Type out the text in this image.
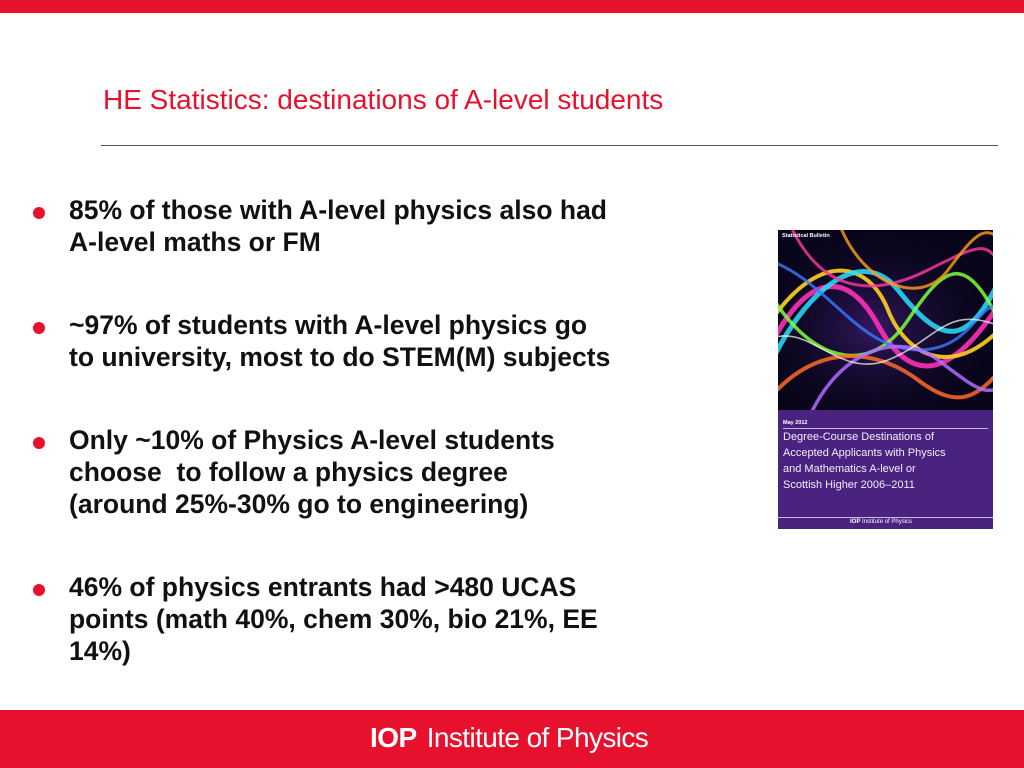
HE Statistics: destinations of A-level students
85% of those with A-level physics also had
A-level maths or FM
~97% of students with A-level physics go
to university, most to do STEM(M) subjects
Only ~10% of Physics A-level students
choose  to follow a physics degree
(around 25%-30% go to engineering)
46% of physics entrants had >480 UCAS
points (math 40%, chem 30%, bio 21%, EE
14%)
Statistical Bulletin
May 2012
Degree-Course Destinations of
Accepted Applicants with Physics
and Mathematics A-level or
Scottish Higher 2006–2011
IOP Institute of Physics
IOP Institute of Physics
